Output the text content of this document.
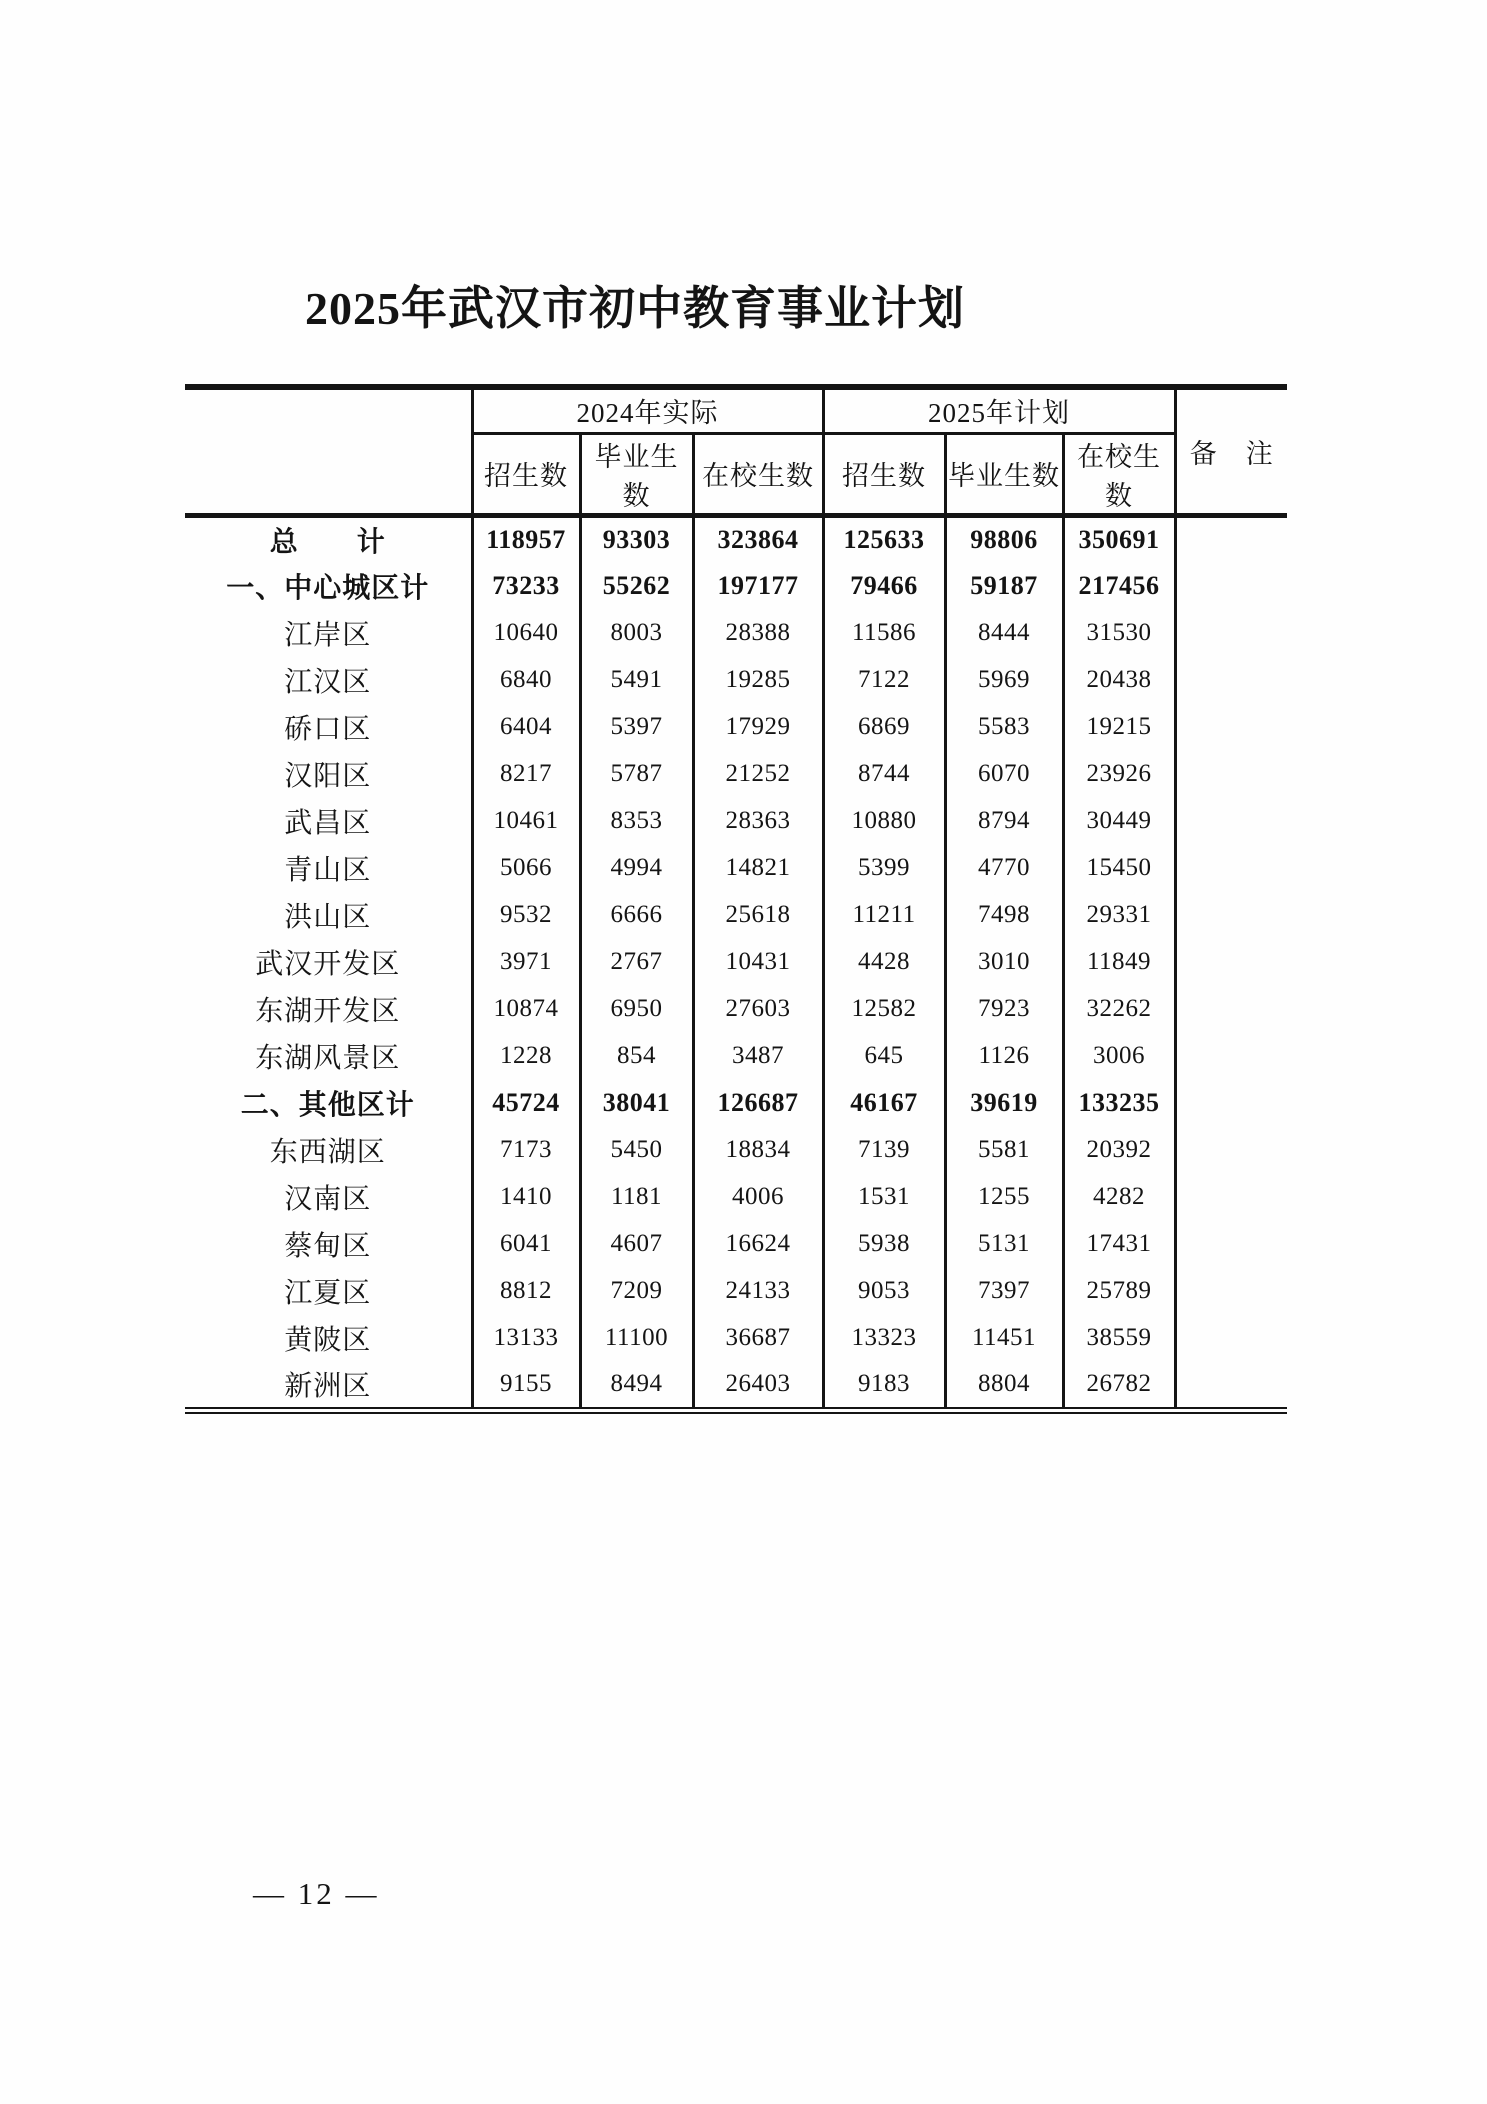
2025年武汉市初中教育事业计划
	2024年实际			2025年计划			备　注
	招生数	毕业生数	在校生数	招生数	毕业生数	在校生数	
总　　计	118957	93303	323864	125633	98806	350691	
一、中心城区计	73233	55262	197177	79466	59187	217456	
江岸区	10640	8003	28388	11586	8444	31530	
江汉区	6840	5491	19285	7122	5969	20438	
硚口区	6404	5397	17929	6869	5583	19215	
汉阳区	8217	5787	21252	8744	6070	23926	
武昌区	10461	8353	28363	10880	8794	30449	
青山区	5066	4994	14821	5399	4770	15450	
洪山区	9532	6666	25618	11211	7498	29331	
武汉开发区	3971	2767	10431	4428	3010	11849	
东湖开发区	10874	6950	27603	12582	7923	32262	
东湖风景区	1228	854	3487	645	1126	3006	
二、其他区计	45724	38041	126687	46167	39619	133235	
东西湖区	7173	5450	18834	7139	5581	20392	
汉南区	1410	1181	4006	1531	1255	4282	
蔡甸区	6041	4607	16624	5938	5131	17431	
江夏区	8812	7209	24133	9053	7397	25789	
黄陂区	13133	11100	36687	13323	11451	38559	
新洲区	9155	8494	26403	9183	8804	26782	
— 12 —
